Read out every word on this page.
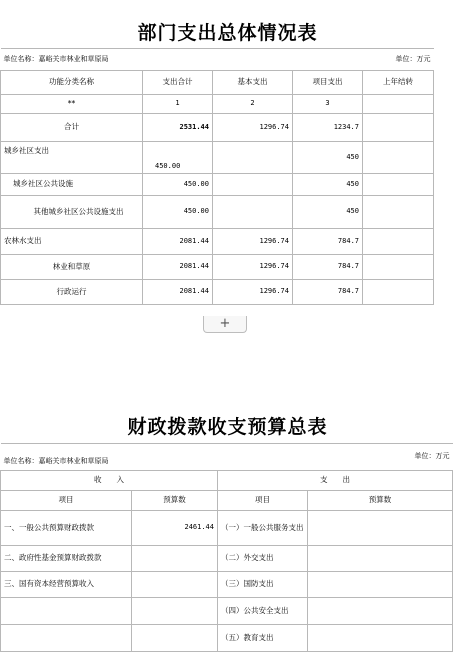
部门支出总体情况表
单位名称：嘉峪关市林业和草原局				单位：万元
功能分类名称	支出合计	基本支出	项目支出	上年结转
**	1	2	3	
合计	2531.44	1296.74	1234.7	
城乡社区支出	450.00		450	
城乡社区公共设施	450.00		450	
其他城乡社区公共设施支出	450.00		450	
农林水支出	2081.44	1296.74	784.7	
林业和草原	2081.44	1296.74	784.7	
行政运行	2081.44	1296.74	784.7	
+
财政拨款收支预算总表
单位名称：嘉峪关市林业和草原局			单位：万元
收　　入		支　　出	
项目	预算数	项目	预算数
一、一般公共预算财政拨款	2461.44	（一）一般公共服务支出	
二、政府性基金预算财政拨款		（二）外交支出	
三、国有资本经营预算收入		（三）国防支出	
		（四）公共安全支出	
		（五）教育支出	
